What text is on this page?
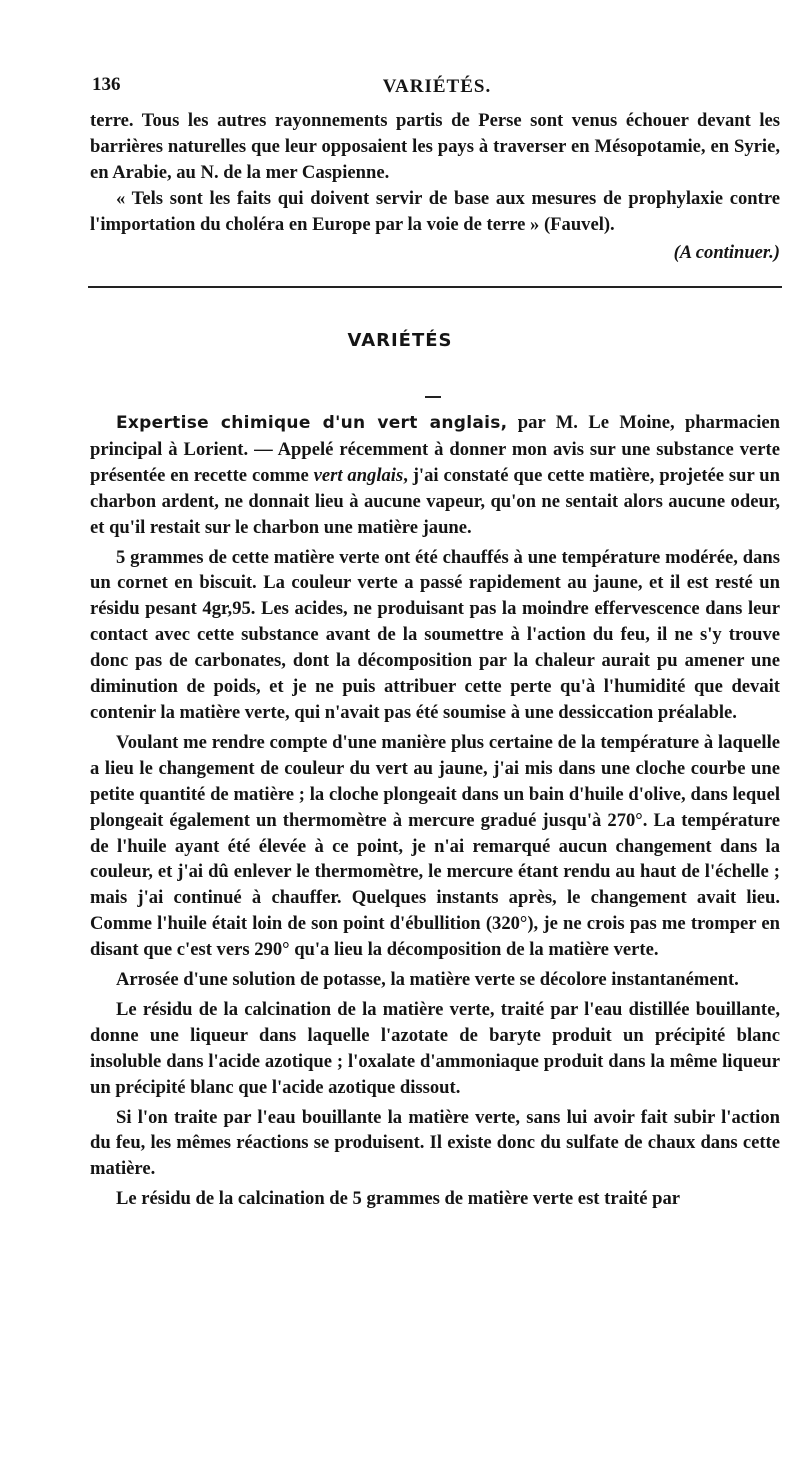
136	VARIÉTÉS.

terre. Tous les autres rayonnements partis de Perse sont venus échouer devant les barrières naturelles que leur opposaient les pays à traverser en Mésopotamie, en Syrie, en Arabie, au N. de la mer Caspienne.

« Tels sont les faits qui doivent servir de base aux mesures de prophylaxie contre l'importation du choléra en Europe par la voie de terre » (Fauvel).

(A continuer.)

VARIÉTÉS

Expertise chimique d'un vert anglais, par M. Le Moine, pharmacien principal à Lorient. — Appelé récemment à donner mon avis sur une substance verte présentée en recette comme vert anglais, j'ai constaté que cette matière, projetée sur un charbon ardent, ne donnait lieu à aucune vapeur, qu'on ne sentait alors aucune odeur, et qu'il restait sur le charbon une matière jaune.

5 grammes de cette matière verte ont été chauffés à une température modérée, dans un cornet en biscuit. La couleur verte a passé rapidement au jaune, et il est resté un résidu pesant 4gr,95. Les acides, ne produisant pas la moindre effervescence dans leur contact avec cette substance avant de la soumettre à l'action du feu, il ne s'y trouve donc pas de carbonates, dont la décomposition par la chaleur aurait pu amener une diminution de poids, et je ne puis attribuer cette perte qu'à l'humidité que devait contenir la matière verte, qui n'avait pas été soumise à une dessiccation préalable.

Voulant me rendre compte d'une manière plus certaine de la température à laquelle a lieu le changement de couleur du vert au jaune, j'ai mis dans une cloche courbe une petite quantité de matière ; la cloche plongeait dans un bain d'huile d'olive, dans lequel plongeait également un thermomètre à mercure gradué jusqu'à 270°. La température de l'huile ayant été élevée à ce point, je n'ai remarqué aucun changement dans la couleur, et j'ai dû enlever le thermomètre, le mercure étant rendu au haut de l'échelle ; mais j'ai continué à chauffer. Quelques instants après, le changement avait lieu. Comme l'huile était loin de son point d'ébullition (320°), je ne crois pas me tromper en disant que c'est vers 290° qu'a lieu la décomposition de la matière verte.

Arrosée d'une solution de potasse, la matière verte se décolore instantanément.

Le résidu de la calcination de la matière verte, traité par l'eau distillée bouillante, donne une liqueur dans laquelle l'azotate de baryte produit un précipité blanc insoluble dans l'acide azotique ; l'oxalate d'ammoniaque produit dans la même liqueur un précipité blanc que l'acide azotique dissout.

Si l'on traite par l'eau bouillante la matière verte, sans lui avoir fait subir l'action du feu, les mêmes réactions se produisent. Il existe donc du sulfate de chaux dans cette matière.

Le résidu de la calcination de 5 grammes de matière verte est traité par
